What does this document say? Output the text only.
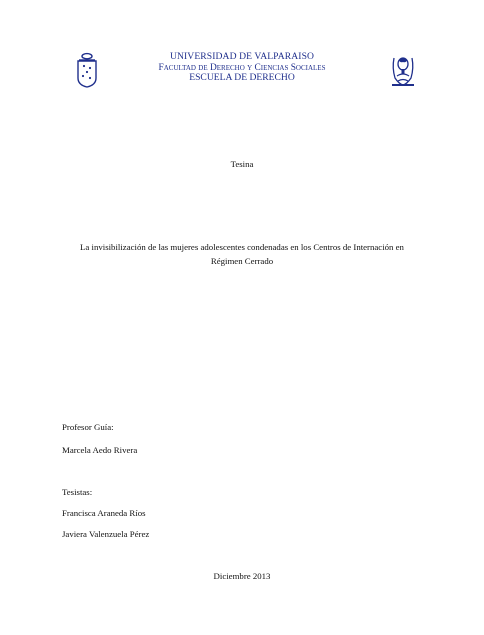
UNIVERSIDAD DE VALPARAISO
Facultad de Derecho y Ciencias Sociales
ESCUELA DE DERECHO
Tesina
La invisibilización de las mujeres adolescentes condenadas en los Centros de Internación en
Régimen Cerrado
Profesor Guía:
Marcela Aedo Rivera
Tesistas:
Francisca Araneda Ríos
Javiera Valenzuela Pérez
Diciembre 2013
